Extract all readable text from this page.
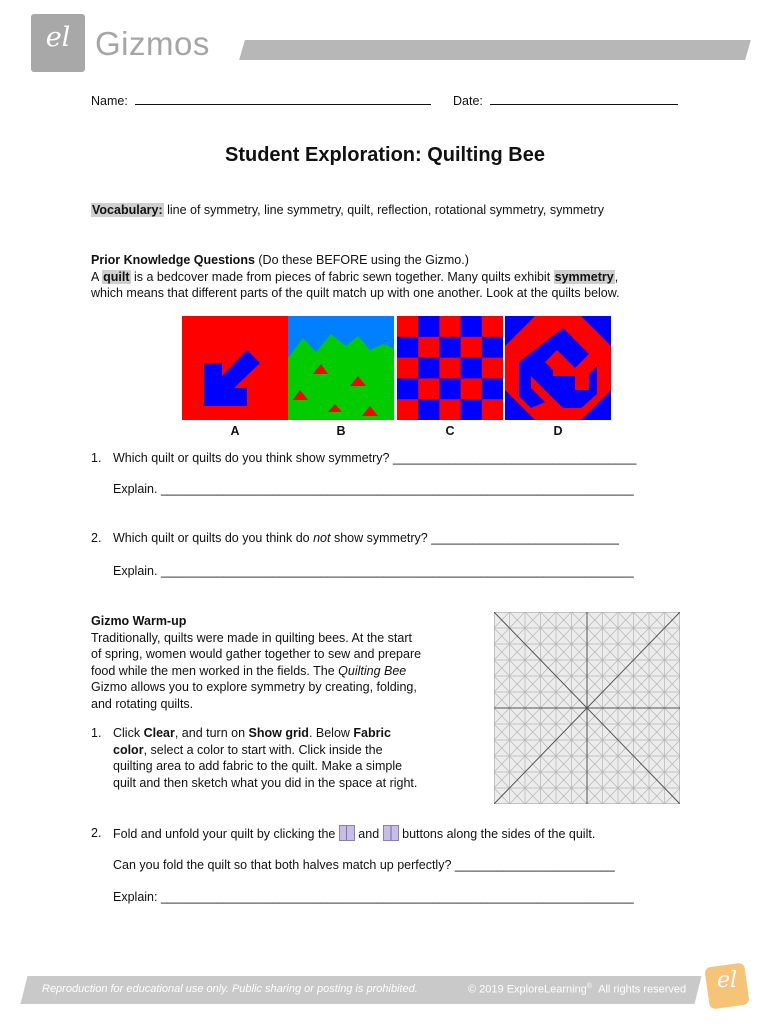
el Gizmos
Name:	Date:
Student Exploration: Quilting Bee
Vocabulary: line of symmetry, line symmetry, quilt, reflection, rotational symmetry, symmetry
Prior Knowledge Questions (Do these BEFORE using the Gizmo.)
A quilt is a bedcover made from pieces of fabric sewn together. Many quilts exhibit symmetry,
which means that different parts of the quilt match up with one another. Look at the quilts below.
A	B	C	D
1. Which quilt or quilts do you think show symmetry? ___________________________________
Explain. ____________________________________________________________________
2. Which quilt or quilts do you think do not show symmetry? ___________________________
Explain. ____________________________________________________________________
Gizmo Warm-up
Traditionally, quilts were made in quilting bees. At the start
of spring, women would gather together to sew and prepare
food while the men worked in the fields. The Quilting Bee
Gizmo allows you to explore symmetry by creating, folding,
and rotating quilts.
1. Click Clear, and turn on Show grid. Below Fabric
color, select a color to start with. Click inside the
quilting area to add fabric to the quilt. Make a simple
quilt and then sketch what you did in the space at right.
2. Fold and unfold your quilt by clicking the  and  buttons along the sides of the quilt.
Can you fold the quilt so that both halves match up perfectly? _______________________
Explain: ____________________________________________________________________
Reproduction for educational use only. Public sharing or posting is prohibited.	© 2019 ExploreLearning® All rights reserved	el
